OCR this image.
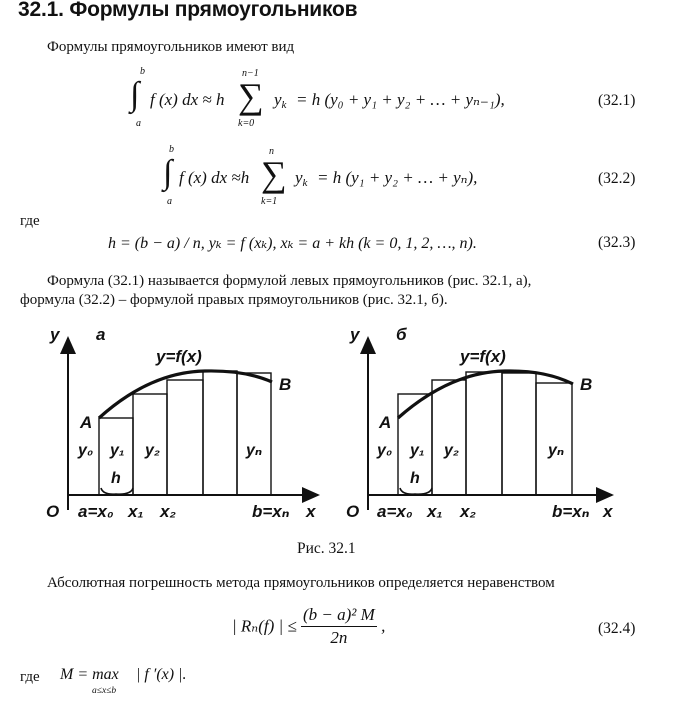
32.1. Формулы прямоугольников
Формулы прямоугольников имеют вид
b
∫
a
f (x) dx ≈ h
n−1
∑
k=0
$y_k = h$ (y₀ + y₁ + y₂ + … + yₙ₋₁),	(32.1)
b
∫
a
f (x) dx ≈h
n
∑
k=1
$y_k = h$ (y₁ + y₂ + … + yₙ),	(32.2)
где
h = (b − a) / n, yₖ = f (xₖ), xₖ = a + kh (k = 0, 1, 2, …, n).	(32.3)
Формула (32.1) называется формулой левых прямоугольников (рис. 32.1, а),
формула (32.2) – формулой правых прямоугольников (рис. 32.1, б).
y а
y=f(x)
A
B
y₀ y₁ y₂	yₙ
h
O a=x₀ x₁ x₂	b=xₙ x
y б
y=f(x)
A
B
y₀ y₁ y₂	yₙ
h
O a=x₀ x₁ x₂	b=xₙ x
Рис. 32.1
Абсолютная погрешность метода прямоугольников определяется неравенством
| Rₙ(f) | ≤ $\frac{\text{(b − a)² M}}{2n}$ ,	(32.4)
где M = max
a≤x≤b
| f ′(x) |.
